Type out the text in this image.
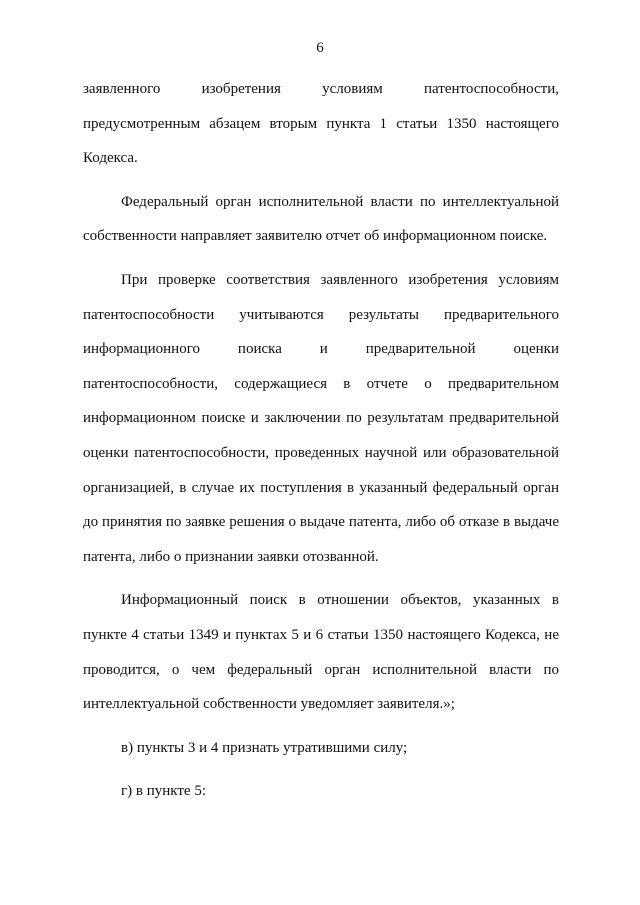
6

заявленного изобретения условиям патентоспособности,
предусмотренным абзацем вторым пункта 1 статьи 1350 настоящего
Кодекса.

Федеральный орган исполнительной власти по интеллектуальной
собственности направляет заявителю отчет об информационном поиске.

При проверке соответствия заявленного изобретения условиям
патентоспособности учитываются результаты предварительного
информационного поиска и предварительной оценки
патентоспособности, содержащиеся в отчете о предварительном
информационном поиске и заключении по результатам предварительной
оценки патентоспособности, проведенных научной или образовательной
организацией, в случае их поступления в указанный федеральный орган
до принятия по заявке решения о выдаче патента, либо об отказе в выдаче
патента, либо о признании заявки отозванной.

Информационный поиск в отношении объектов, указанных в
пункте 4 статьи 1349 и пунктах 5 и 6 статьи 1350 настоящего Кодекса, не
проводится, о чем федеральный орган исполнительной власти по
интеллектуальной собственности уведомляет заявителя.»;

в) пункты 3 и 4 признать утратившими силу;

г) в пункте 5:
